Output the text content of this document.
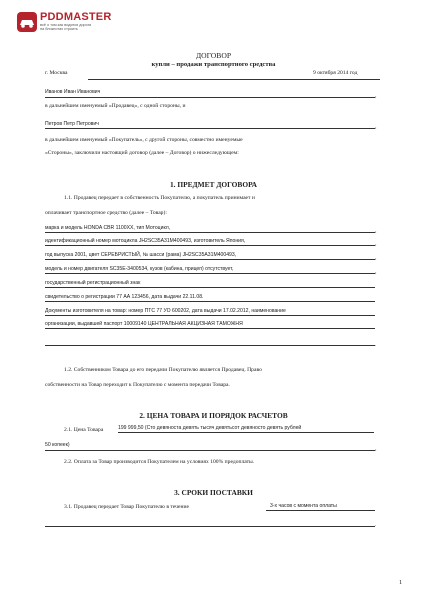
PDDMASTER
всё о том как водятся дороги
на блокнотах строить
ДОГОВОР
купли – продажи транспортного средства
г. Москва	9 октября 2014 год
Иванов Иван Иванович
,
в дальнейшем именуемый «Продавец», с одной стороны, и
Петров Петр Петрович	,
в дальнейшем именуемый «Покупатель», с другой стороны, совместно именуемые
«Стороны», заключили настоящий договор (далее – Договор) о нижеследующем:
1. ПРЕДМЕТ ДОГОВОРА
1.1. Продавец передает в собственность Покупателю, а покупатель принимает и
оплачивает транспортное средство (далее – Товар):
марка и модель HONDA CBR 1100XX, тип Мотоцикл,	,
идентификационный номер мотоцикла JH2SC35A31M400493, изготовитель Япония,	,
год выпуска 2001, цвет СЕРЕБРИСТЫЙ, № шасси (рама) JH2SC35A31M400493,	,
модель и номер двигателя SC35E-3400534, кузов (кабина, прицеп) отсутствует,	,
государственный регистрационный знак
свидетельство о регистрации 77 АА 123456, дата выдачи 22.11.08.
Документы изготовителя на товар: номер ПТС 77 УО 600202, дата выдачи 17.02.2012, наименование
организации, выдавшей паспорт 10009140 ЦЕНТРАЛЬНАЯ АКЦИЗНАЯ ТАМОЖНЯ
.
1.2. Собственником Товара до его передачи Покупателю является Продавец. Право
собственности на Товар переходит к Покупателю с момента передачи Товара.
2. ЦЕНА ТОВАРА И ПОРЯДОК РАСЧЕТОВ
2.1. Цена Товара	199 999,50 (Сто девяноста девять тысяч девятьсот девяносто девять рублей
50 копеек)
,
2.2. Оплата за Товар производится Покупателем на условиях 100% предоплаты.
3. СРОКИ ПОСТАВКИ
3.1. Продавец передает Товар Покупателю в течение	3-х часов с момента оплаты
.
1
